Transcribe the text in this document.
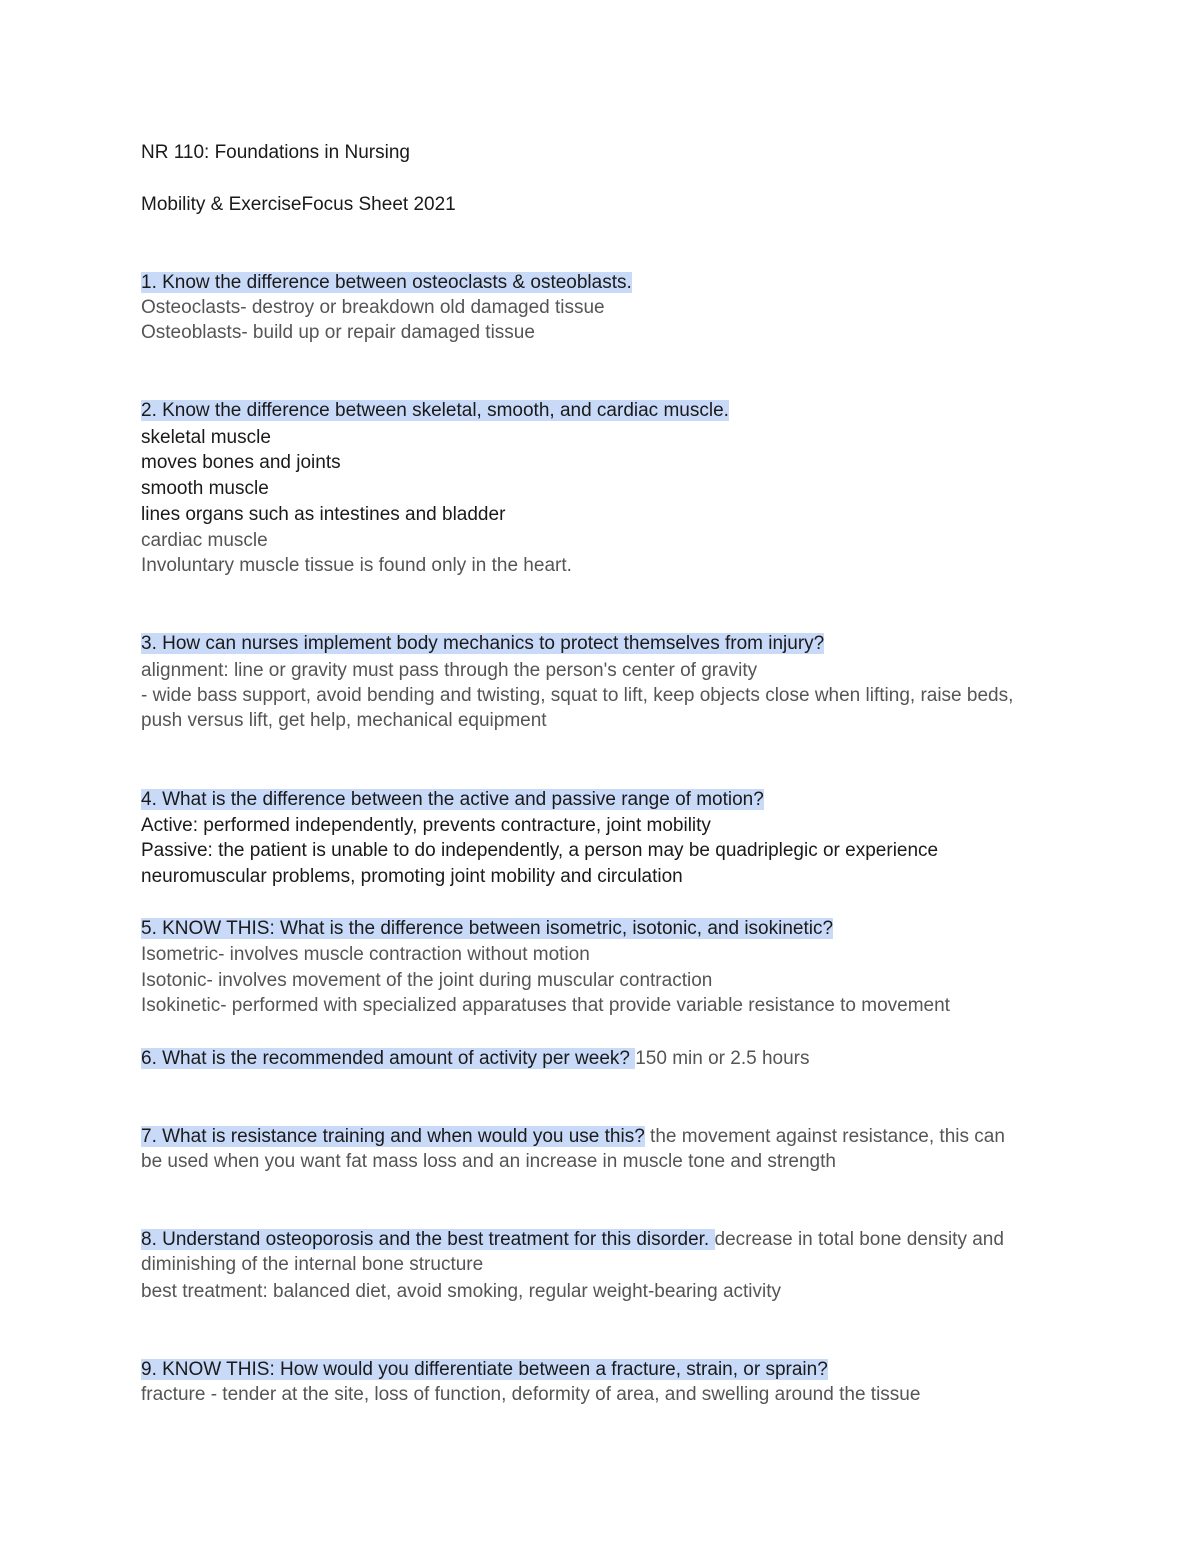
NR 110: Foundations in Nursing
Mobility & ExerciseFocus Sheet 2021
1. Know the difference between osteoclasts & osteoblasts.
Osteoclasts- destroy or breakdown old damaged tissue
Osteoblasts- build up or repair damaged tissue
2. Know the difference between skeletal, smooth, and cardiac muscle.
skeletal muscle
moves bones and joints
smooth muscle
lines organs such as intestines and bladder
cardiac muscle
Involuntary muscle tissue is found only in the heart.
3. How can nurses implement body mechanics to protect themselves from injury?
alignment: line or gravity must pass through the person's center of gravity
- wide bass support, avoid bending and twisting, squat to lift, keep objects close when lifting, raise beds,
push versus lift, get help, mechanical equipment
4. What is the difference between the active and passive range of motion?
Active: performed independently, prevents contracture, joint mobility
Passive: the patient is unable to do independently, a person may be quadriplegic or experience
neuromuscular problems, promoting joint mobility and circulation
5. KNOW THIS: What is the difference between isometric, isotonic, and isokinetic?
Isometric- involves muscle contraction without motion
Isotonic- involves movement of the joint during muscular contraction
Isokinetic- performed with specialized apparatuses that provide variable resistance to movement
6. What is the recommended amount of activity per week? 150 min or 2.5 hours
7. What is resistance training and when would you use this? the movement against resistance, this can
be used when you want fat mass loss and an increase in muscle tone and strength
8. Understand osteoporosis and the best treatment for this disorder. decrease in total bone density and
diminishing of the internal bone structure
best treatment: balanced diet, avoid smoking, regular weight-bearing activity
9. KNOW THIS: How would you differentiate between a fracture, strain, or sprain?
fracture - tender at the site, loss of function, deformity of area, and swelling around the tissue
